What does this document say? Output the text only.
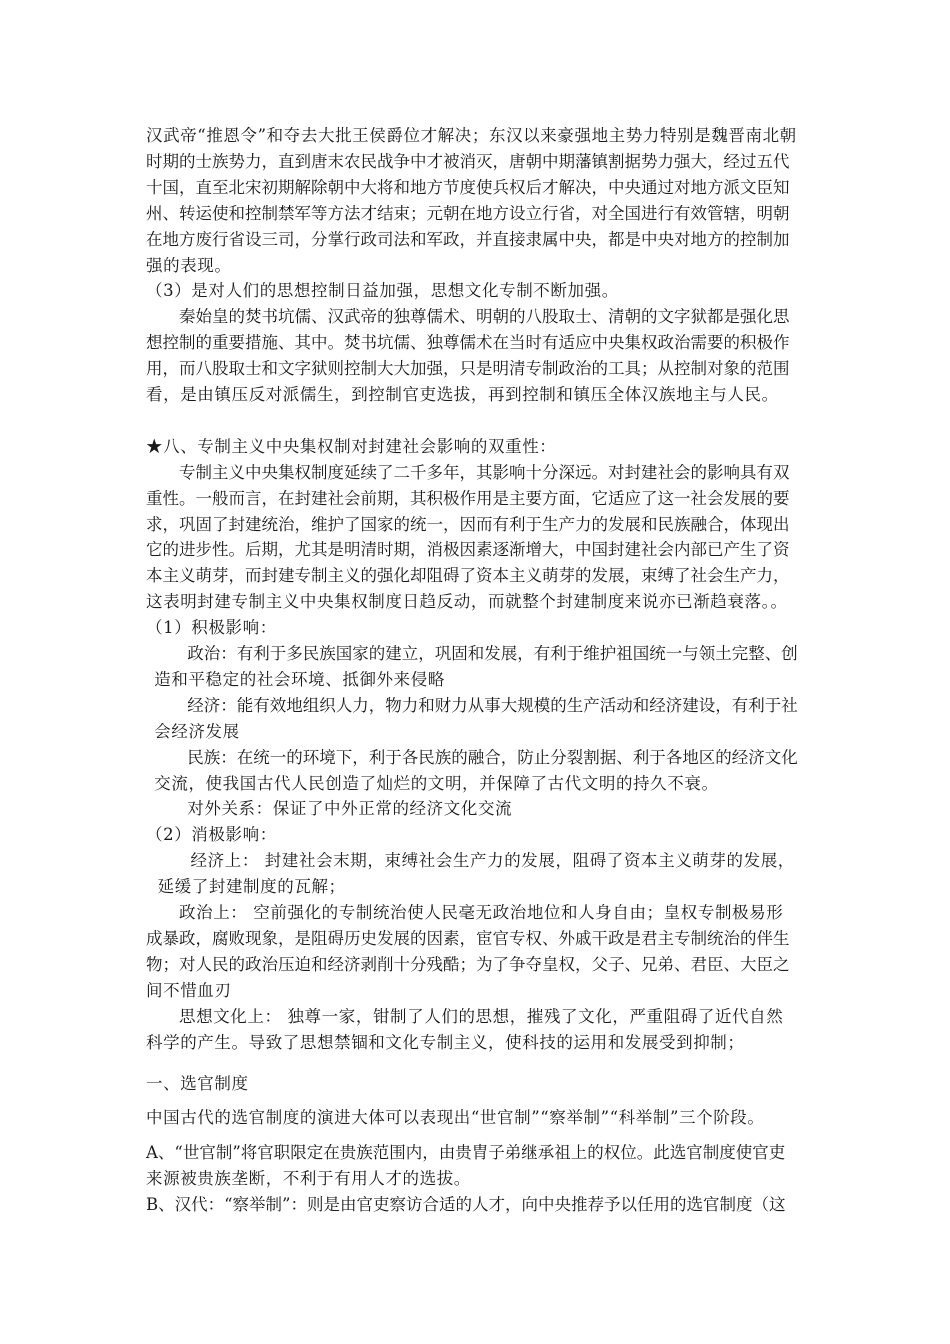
汉武帝“推恩令”和夺去大批王侯爵位才解决；东汉以来豪强地主势力特别是魏晋南北朝
时期的士族势力，直到唐末农民战争中才被消灭，唐朝中期藩镇割据势力强大，经过五代
十国，直至北宋初期解除朝中大将和地方节度使兵权后才解决，中央通过对地方派文臣知
州、转运使和控制禁军等方法才结束；元朝在地方设立行省，对全国进行有效管辖，明朝
在地方废行省设三司，分掌行政司法和军政，并直接隶属中央，都是中央对地方的控制加
强的表现。
（3）是对人们的思想控制日益加强，思想文化专制不断加强。
秦始皇的焚书坑儒、汉武帝的独尊儒术、明朝的八股取士、清朝的文字狱都是强化思
想控制的重要措施、其中。焚书坑儒、独尊儒术在当时有适应中央集权政治需要的积极作
用，而八股取士和文字狱则控制大大加强，只是明清专制政治的工具；从控制对象的范围
看，是由镇压反对派儒生，到控制官吏选拔，再到控制和镇压全体汉族地主与人民。
★八、专制主义中央集权制对封建社会影响的双重性：
专制主义中央集权制度延续了二千多年，其影响十分深远。对封建社会的影响具有双
重性。一般而言，在封建社会前期，其积极作用是主要方面，它适应了这一社会发展的要
求，巩固了封建统治，维护了国家的统一，因而有利于生产力的发展和民族融合，体现出
它的进步性。后期，尤其是明清时期，消极因素逐渐增大，中国封建社会内部已产生了资
本主义萌芽，而封建专制主义的强化却阻碍了资本主义萌芽的发展，束缚了社会生产力，
这表明封建专制主义中央集权制度日趋反动，而就整个封建制度来说亦已渐趋衰落。。
（1）积极影响：
政治：有利于多民族国家的建立，巩固和发展，有利于维护祖国统一与领土完整、创
造和平稳定的社会环境、抵御外来侵略
经济：能有效地组织人力，物力和财力从事大规模的生产活动和经济建设，有利于社
会经济发展
民族：在统一的环境下，利于各民族的融合，防止分裂割据、利于各地区的经济文化
交流，使我国古代人民创造了灿烂的文明，并保障了古代文明的持久不衰。
对外关系：保证了中外正常的经济文化交流
（2）消极影响：
经济上： 封建社会末期，束缚社会生产力的发展，阻碍了资本主义萌芽的发展，
延缓了封建制度的瓦解；
政治上： 空前强化的专制统治使人民毫无政治地位和人身自由；皇权专制极易形
成暴政，腐败现象，是阻碍历史发展的因素，宦官专权、外戚干政是君主专制统治的伴生
物；对人民的政治压迫和经济剥削十分残酷；为了争夺皇权，父子、兄弟、君臣、大臣之
间不惜血刃
思想文化上： 独尊一家，钳制了人们的思想，摧残了文化，严重阻碍了近代自然
科学的产生。导致了思想禁锢和文化专制主义，使科技的运用和发展受到抑制；
一、选官制度
中国古代的选官制度的演进大体可以表现出“世官制”“察举制”“科举制”三个阶段。
A、“世官制”将官职限定在贵族范围内，由贵胄子弟继承祖上的权位。此选官制度使官吏
来源被贵族垄断，不利于有用人才的选拔。
B、汉代：“察举制”：则是由官吏察访合适的人才，向中央推荐予以任用的选官制度（这
